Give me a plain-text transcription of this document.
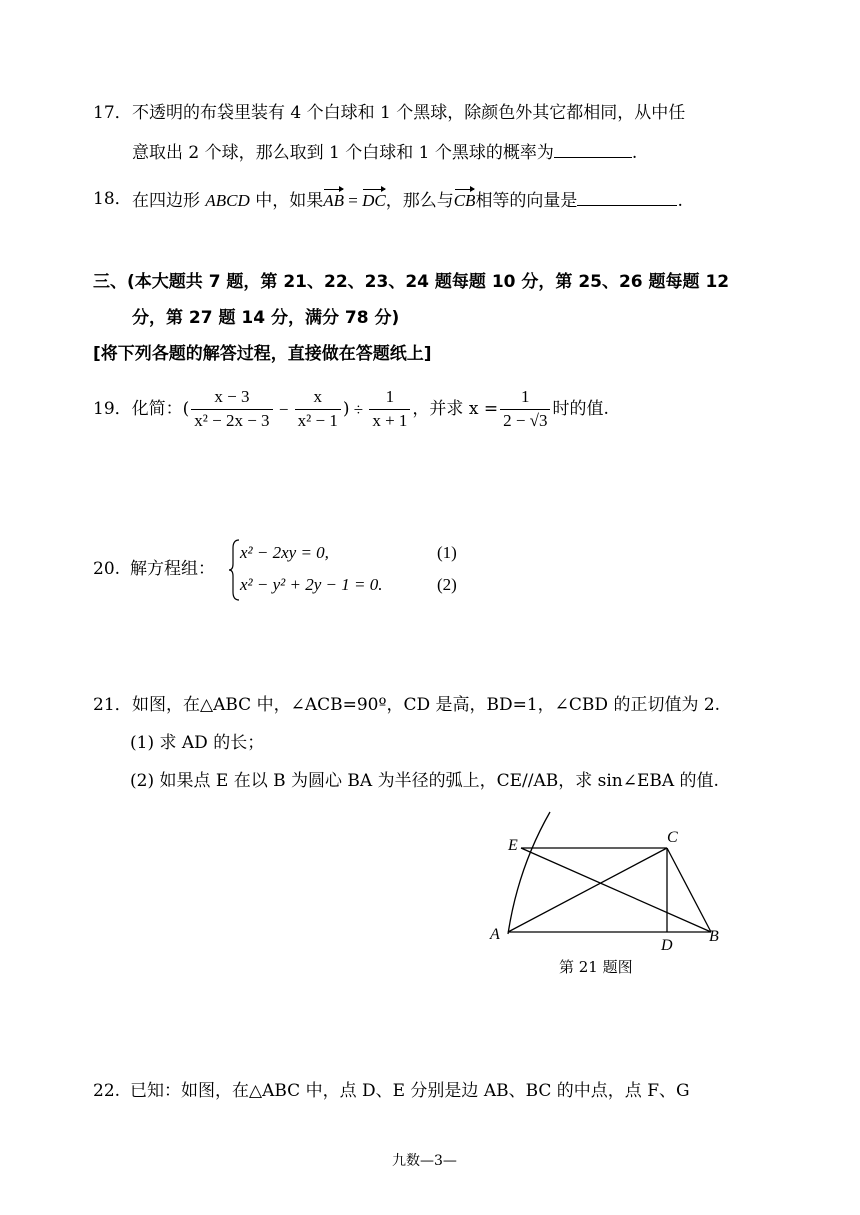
17． 不透明的布袋里装有 4 个白球和 1 个黑球，除颜色外其它都相同，从中任
意取出 2 个球，那么取到 1 个白球和 1 个黑球的概率为	.
18． 在四边形 ABCD 中，如果AB = DC，那么与CB相等的向量是	.
三、(本大题共 7 题，第 21、22、23、24 题每题 10 分，第 25、26 题每题 12
分，第 27 题 14 分，满分 78 分)
[将下列各题的解答过程，直接做在答题纸上]
19．化简：( $\frac{x - 3}{\text{x² − 2x − 3}} - \frac{x}{\text{x² − 1}}$ ) ÷ $\frac{1}{x + 1}$ ，并求 $x = \frac{1}{2 - √3}$ 时的值.
20. 解方程组：
x² − 2xy = 0,	(1)
x² − y² + 2y − 1 = 0.	(2)
21． 如图，在△ABC 中，∠ACB=90º，CD 是高，BD=1，∠CBD 的正切值为 2.
(1) 求 AD 的长；
(2) 如果点 E 在以 B 为圆心 BA 为半径的弧上，CE//AB，求 sin∠EBA 的值.
E	C
A
D
B
第 21 题图
22. 已知：如图，在△ABC 中，点 D、E 分别是边 AB、BC 的中点，点 F、G
九数—3—
